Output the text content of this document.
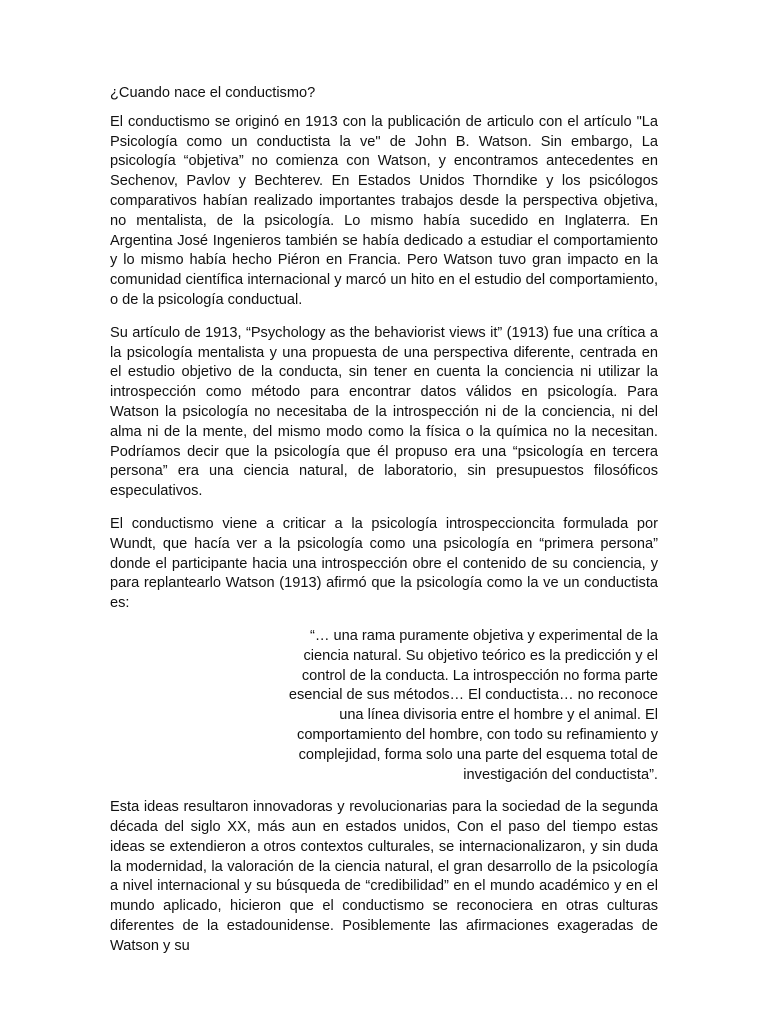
¿Cuando nace el conductismo?

El conductismo se originó en 1913 con la publicación de articulo con el artículo "La Psicología como un conductista la ve" de John B. Watson. Sin embargo, La psicología “objetiva” no comienza con Watson, y encontramos antecedentes en Sechenov, Pavlov y Bechterev. En Estados Unidos Thorndike y los psicólogos comparativos habían realizado importantes trabajos desde la perspectiva objetiva, no mentalista, de la psicología. Lo mismo había sucedido en Inglaterra. En Argentina José Ingenieros también se había dedicado a estudiar el comportamiento y lo mismo había hecho Piéron en Francia. Pero Watson tuvo gran impacto en la comunidad científica internacional y marcó un hito en el estudio del comportamiento, o de la psicología conductual.

Su artículo de 1913, “Psychology as the behaviorist views it” (1913) fue una crítica a la psicología mentalista y una propuesta de una perspectiva diferente, centrada en el estudio objetivo de la conducta, sin tener en cuenta la conciencia ni utilizar la introspección como método para encontrar datos válidos en psicología. Para Watson la psicología no necesitaba de la introspección ni de la conciencia, ni del alma ni de la mente, del mismo modo como la física o la química no la necesitan. Podríamos decir que la psicología que él propuso era una “psicología en tercera persona” era una ciencia natural, de laboratorio, sin presupuestos filosóficos especulativos.

El conductismo viene a criticar a la psicología introspeccioncita formulada por Wundt, que hacía ver a la psicología como una psicología en “primera persona” donde el participante hacia una introspección obre el contenido de su conciencia, y para replantearlo Watson (1913) afirmó que la psicología como la ve un conductista es:

“… una rama puramente objetiva y experimental de la ciencia natural. Su objetivo teórico es la predicción y el control de la conducta. La introspección no forma parte esencial de sus métodos… El conductista… no reconoce una línea divisoria entre el hombre y el animal. El comportamiento del hombre, con todo su refinamiento y complejidad, forma solo una parte del esquema total de investigación del conductista”.

Esta ideas resultaron innovadoras y revolucionarias para la sociedad de la segunda década del siglo XX, más aun en estados unidos, Con el paso del tiempo estas ideas se extendieron a otros contextos culturales, se internacionalizaron, y sin duda la modernidad, la valoración de la ciencia natural, el gran desarrollo de la psicología a nivel internacional y su búsqueda de “credibilidad” en el mundo académico y en el mundo aplicado, hicieron que el conductismo se reconociera en otras culturas diferentes de la estadounidense. Posiblemente las afirmaciones exageradas de Watson y su
